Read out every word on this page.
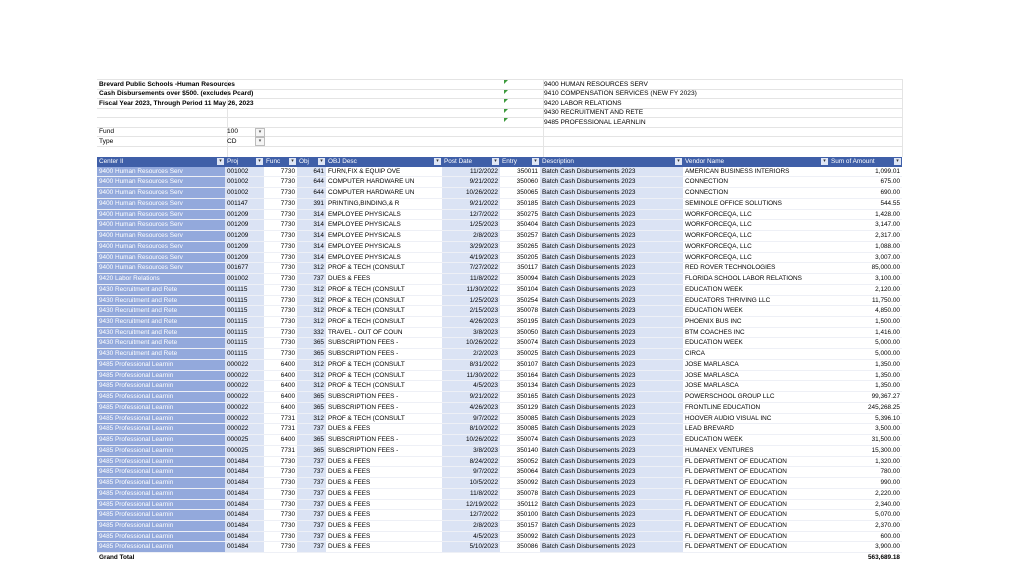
Brevard Public Schools -Human Resources
Cash Disbursements over $500. (excludes Pcard)
Fiscal Year 2023, Through Period 11 May 26, 2023
9400 HUMAN RESOURCES SERV
9410 COMPENSATION SERVICES (NEW FY 2023)
9420 LABOR RELATIONS
9430 RECRUITMENT AND RETE
9485 PROFESSIONAL LEARNLIN
Fund	100	▾
Type	CD	▾
Center II ▾	Proj ▾	Func ▾	Obj ▾	OBJ Desc ▾	Post Date ▾	Entry ▾	Description ▾	Vendor Name ▾	Sum of Amount ▾

9400 Human Resources Serv	001002	7730	641	FURN,FIX & EQUIP OVE	11/2/2022	350011	Batch Cash Disbursements 2023	AMERICAN BUSINESS INTERIORS	1,099.01
9400 Human Resources Serv	001002	7730	644	COMPUTER HARDWARE UN	9/21/2022	350060	Batch Cash Disbursements 2023	CONNECTION	675.00
9400 Human Resources Serv	001002	7730	644	COMPUTER HARDWARE UN	10/26/2022	350065	Batch Cash Disbursements 2023	CONNECTION	690.00
9400 Human Resources Serv	001147	7730	391	PRINTING,BINDING,& R	9/21/2022	350185	Batch Cash Disbursements 2023	SEMINOLE OFFICE SOLUTIONS	544.55
9400 Human Resources Serv	001209	7730	314	EMPLOYEE PHYSICALS	12/7/2022	350275	Batch Cash Disbursements 2023	WORKFORCEQA, LLC	1,428.00
9400 Human Resources Serv	001209	7730	314	EMPLOYEE PHYSICALS	1/25/2023	350404	Batch Cash Disbursements 2023	WORKFORCEQA, LLC	3,147.00
9400 Human Resources Serv	001209	7730	314	EMPLOYEE PHYSICALS	2/8/2023	350257	Batch Cash Disbursements 2023	WORKFORCEQA, LLC	2,317.00
9400 Human Resources Serv	001209	7730	314	EMPLOYEE PHYSICALS	3/29/2023	350265	Batch Cash Disbursements 2023	WORKFORCEQA, LLC	1,088.00
9400 Human Resources Serv	001209	7730	314	EMPLOYEE PHYSICALS	4/19/2023	350205	Batch Cash Disbursements 2023	WORKFORCEQA, LLC	3,007.00
9400 Human Resources Serv	001677	7730	312	PROF & TECH (CONSULT	7/27/2022	350117	Batch Cash Disbursements 2023	RED ROVER TECHNOLOGIES	85,000.00
9420 Labor Relations	001002	7730	737	DUES & FEES	11/8/2022	350094	Batch Cash Disbursements 2023	FLORIDA SCHOOL LABOR RELATIONS	3,100.00
9430 Recruitment and Rete	001115	7730	312	PROF & TECH (CONSULT	11/30/2022	350104	Batch Cash Disbursements 2023	EDUCATION WEEK	2,120.00
9430 Recruitment and Rete	001115	7730	312	PROF & TECH (CONSULT	1/25/2023	350254	Batch Cash Disbursements 2023	EDUCATORS THRIVING LLC	11,750.00
9430 Recruitment and Rete	001115	7730	312	PROF & TECH (CONSULT	2/15/2023	350078	Batch Cash Disbursements 2023	EDUCATION WEEK	4,850.00
9430 Recruitment and Rete	001115	7730	312	PROF & TECH (CONSULT	4/26/2023	350195	Batch Cash Disbursements 2023	PHOENIX BUS INC	1,500.00
9430 Recruitment and Rete	001115	7730	332	TRAVEL - OUT OF COUN	3/8/2023	350050	Batch Cash Disbursements 2023	BTM COACHES INC	1,416.00
9430 Recruitment and Rete	001115	7730	365	SUBSCRIPTION FEES -	10/26/2022	350074	Batch Cash Disbursements 2023	EDUCATION WEEK	5,000.00
9430 Recruitment and Rete	001115	7730	365	SUBSCRIPTION FEES -	2/2/2023	350025	Batch Cash Disbursements 2023	CIRCA	5,000.00
9485 Professional Learnin	000022	6400	312	PROF & TECH (CONSULT	8/31/2022	350107	Batch Cash Disbursements 2023	JOSE MARLASCA	1,350.00
9485 Professional Learnin	000022	6400	312	PROF & TECH (CONSULT	11/30/2022	350164	Batch Cash Disbursements 2023	JOSE MARLASCA	1,350.00
9485 Professional Learnin	000022	6400	312	PROF & TECH (CONSULT	4/5/2023	350134	Batch Cash Disbursements 2023	JOSE MARLASCA	1,350.00
9485 Professional Learnin	000022	6400	365	SUBSCRIPTION FEES -	9/21/2022	350165	Batch Cash Disbursements 2023	POWERSCHOOL GROUP LLC	99,367.27
9485 Professional Learnin	000022	6400	365	SUBSCRIPTION FEES -	4/26/2023	350129	Batch Cash Disbursements 2023	FRONTLINE EDUCATION	245,268.25
9485 Professional Learnin	000022	7731	312	PROF & TECH (CONSULT	9/7/2022	350085	Batch Cash Disbursements 2023	HOOVER AUDIO VISUAL INC	5,396.10
9485 Professional Learnin	000022	7731	737	DUES & FEES	8/10/2022	350085	Batch Cash Disbursements 2023	LEAD BREVARD	3,500.00
9485 Professional Learnin	000025	6400	365	SUBSCRIPTION FEES -	10/26/2022	350074	Batch Cash Disbursements 2023	EDUCATION WEEK	31,500.00
9485 Professional Learnin	000025	7731	365	SUBSCRIPTION FEES -	3/8/2023	350140	Batch Cash Disbursements 2023	HUMANEX VENTURES	15,300.00
9485 Professional Learnin	001484	7730	737	DUES & FEES	8/24/2022	350052	Batch Cash Disbursements 2023	FL DEPARTMENT OF EDUCATION	1,320.00
9485 Professional Learnin	001484	7730	737	DUES & FEES	9/7/2022	350064	Batch Cash Disbursements 2023	FL DEPARTMENT OF EDUCATION	780.00
9485 Professional Learnin	001484	7730	737	DUES & FEES	10/5/2022	350092	Batch Cash Disbursements 2023	FL DEPARTMENT OF EDUCATION	990.00
9485 Professional Learnin	001484	7730	737	DUES & FEES	11/8/2022	350078	Batch Cash Disbursements 2023	FL DEPARTMENT OF EDUCATION	2,220.00
9485 Professional Learnin	001484	7730	737	DUES & FEES	12/19/2022	350112	Batch Cash Disbursements 2023	FL DEPARTMENT OF EDUCATION	2,340.00
9485 Professional Learnin	001484	7730	737	DUES & FEES	12/7/2022	350100	Batch Cash Disbursements 2023	FL DEPARTMENT OF EDUCATION	5,070.00
9485 Professional Learnin	001484	7730	737	DUES & FEES	2/8/2023	350157	Batch Cash Disbursements 2023	FL DEPARTMENT OF EDUCATION	2,370.00
9485 Professional Learnin	001484	7730	737	DUES & FEES	4/5/2023	350092	Batch Cash Disbursements 2023	FL DEPARTMENT OF EDUCATION	600.00
9485 Professional Learnin	001484	7730	737	DUES & FEES	5/10/2023	350086	Batch Cash Disbursements 2023	FL DEPARTMENT OF EDUCATION	3,900.00
Grand Total									563,689.18
